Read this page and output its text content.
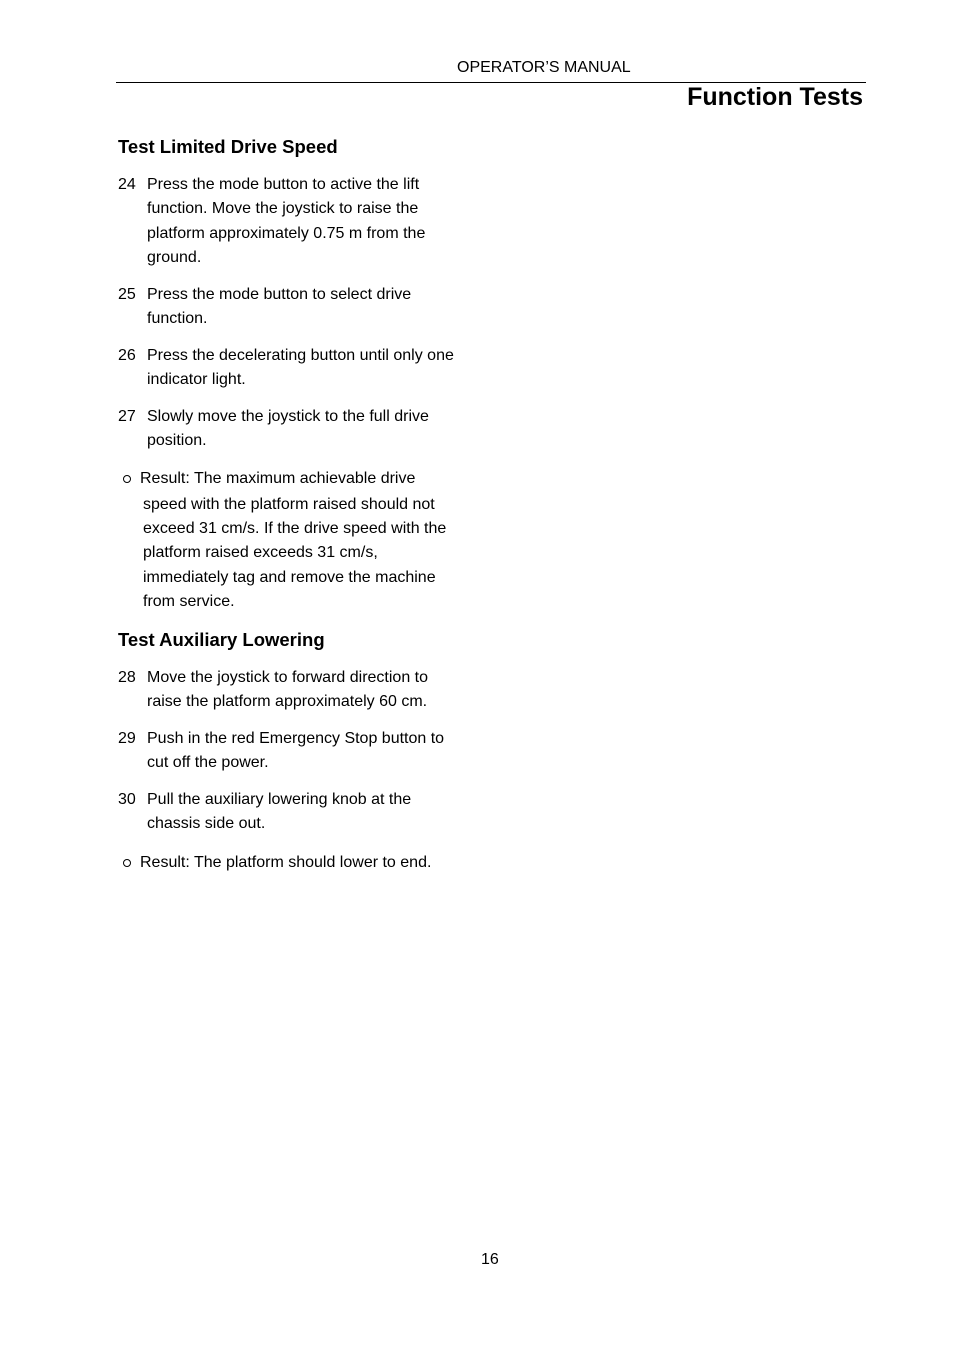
OPERATOR’S MANUAL
Function Tests
Test Limited Drive Speed
24 Press the mode button to active the lift
function. Move the joystick to raise the
platform approximately 0.75 m from the
ground.
25 Press the mode button to select drive
function.
26 Press the decelerating button until only one
indicator light.
27 Slowly move the joystick to the full drive
position.
Result: The maximum achievable drive
speed with the platform raised should not
exceed 31 cm/s. If the drive speed with the
platform raised exceeds 31 cm/s,
immediately tag and remove the machine
from service.
Test Auxiliary Lowering
28 Move the joystick to forward direction to
raise the platform approximately 60 cm.
29 Push in the red Emergency Stop button to
cut off the power.
30 Pull the auxiliary lowering knob at the
chassis side out.
Result: The platform should lower to end.
16
